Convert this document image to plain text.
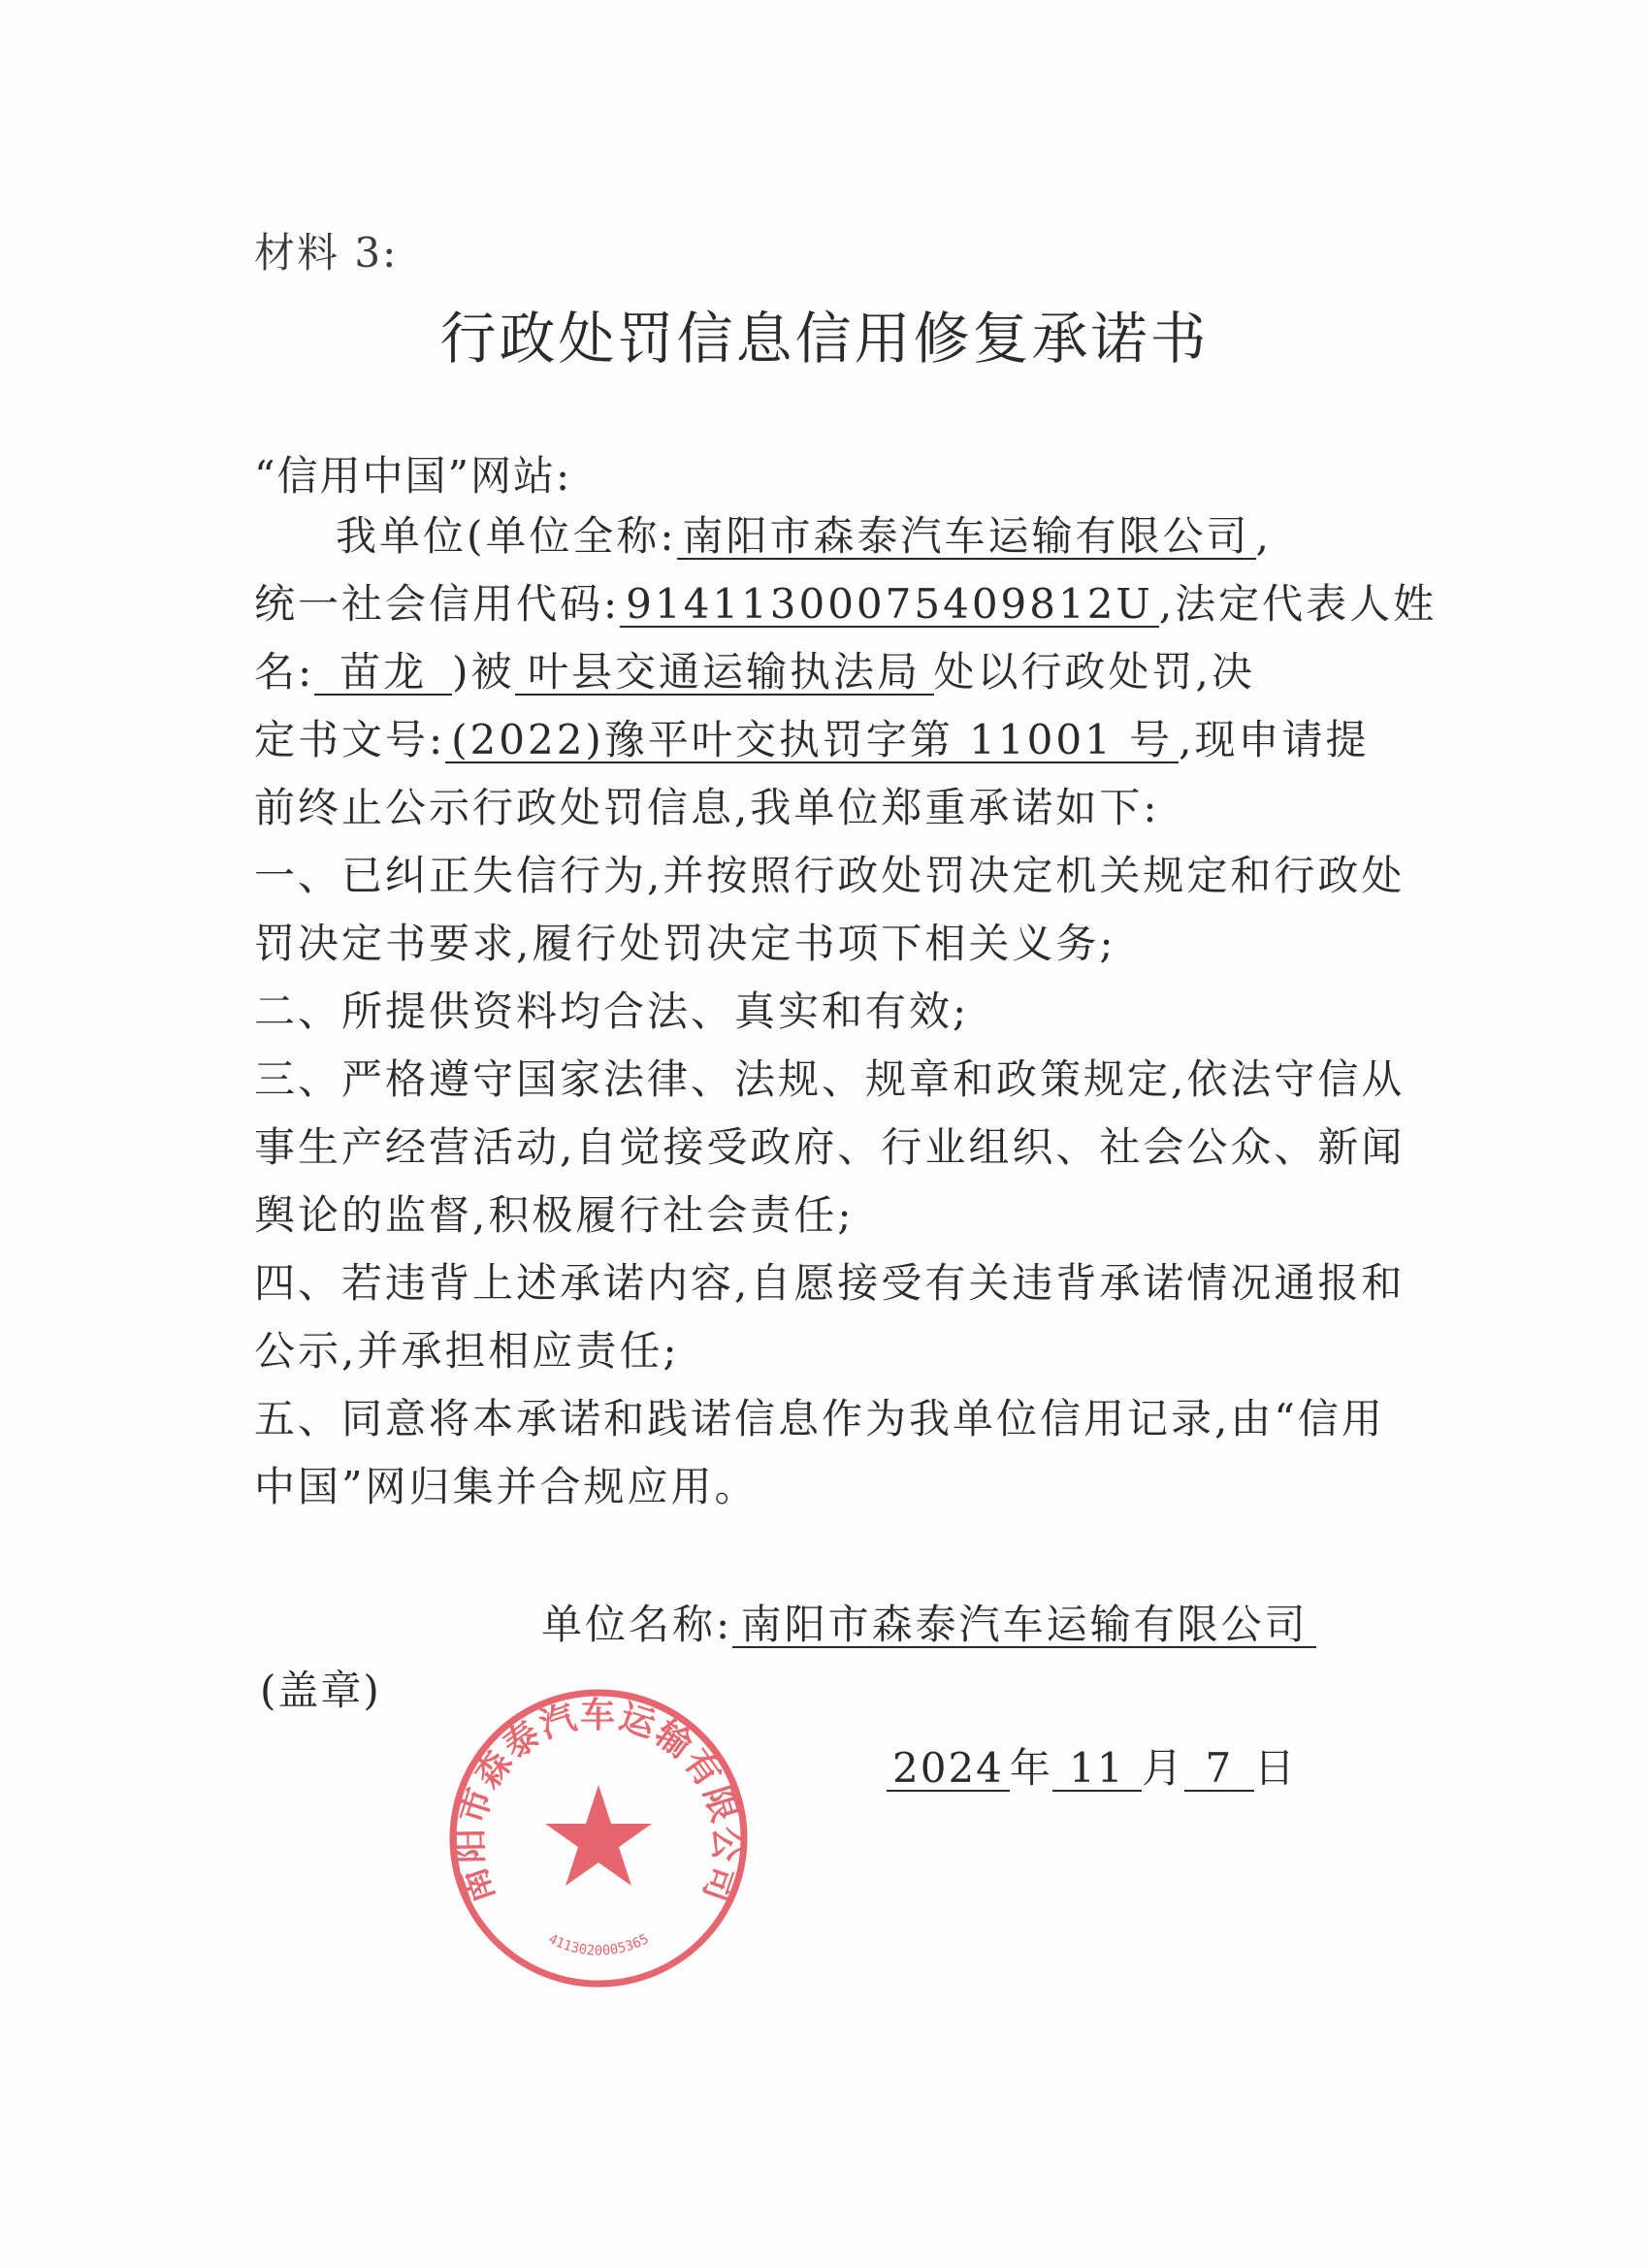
材料 3:
行政处罚信息信用修复承诺书
“信用中国”网站:
我单位(单位全称: 南阳市森泰汽车运输有限公司 ,
统一社会信用代码: 91411300075409812U ,法定代表人姓
名: 苗龙 )被 叶县交通运输执法局 处以行政处罚,决
定书文号: (2022)豫平叶交执罚字第 11001 号 ,现申请提
前终止公示行政处罚信息,我单位郑重承诺如下:
一、已纠正失信行为,并按照行政处罚决定机关规定和行政处
罚决定书要求,履行处罚决定书项下相关义务;
二、所提供资料均合法、真实和有效;
三、严格遵守国家法律、法规、规章和政策规定,依法守信从
事生产经营活动,自觉接受政府、行业组织、社会公众、新闻
舆论的监督,积极履行社会责任;
四、若违背上述承诺内容,自愿接受有关违背承诺情况通报和
公示,并承担相应责任;
五、同意将本承诺和践诺信息作为我单位信用记录,由“信用
中国”网归集并合规应用。
单位名称: 南阳市森泰汽车运输有限公司
(盖章)
2024 年 11 月 7 日
南阳市森泰汽车运输有限公司
4113020005365
